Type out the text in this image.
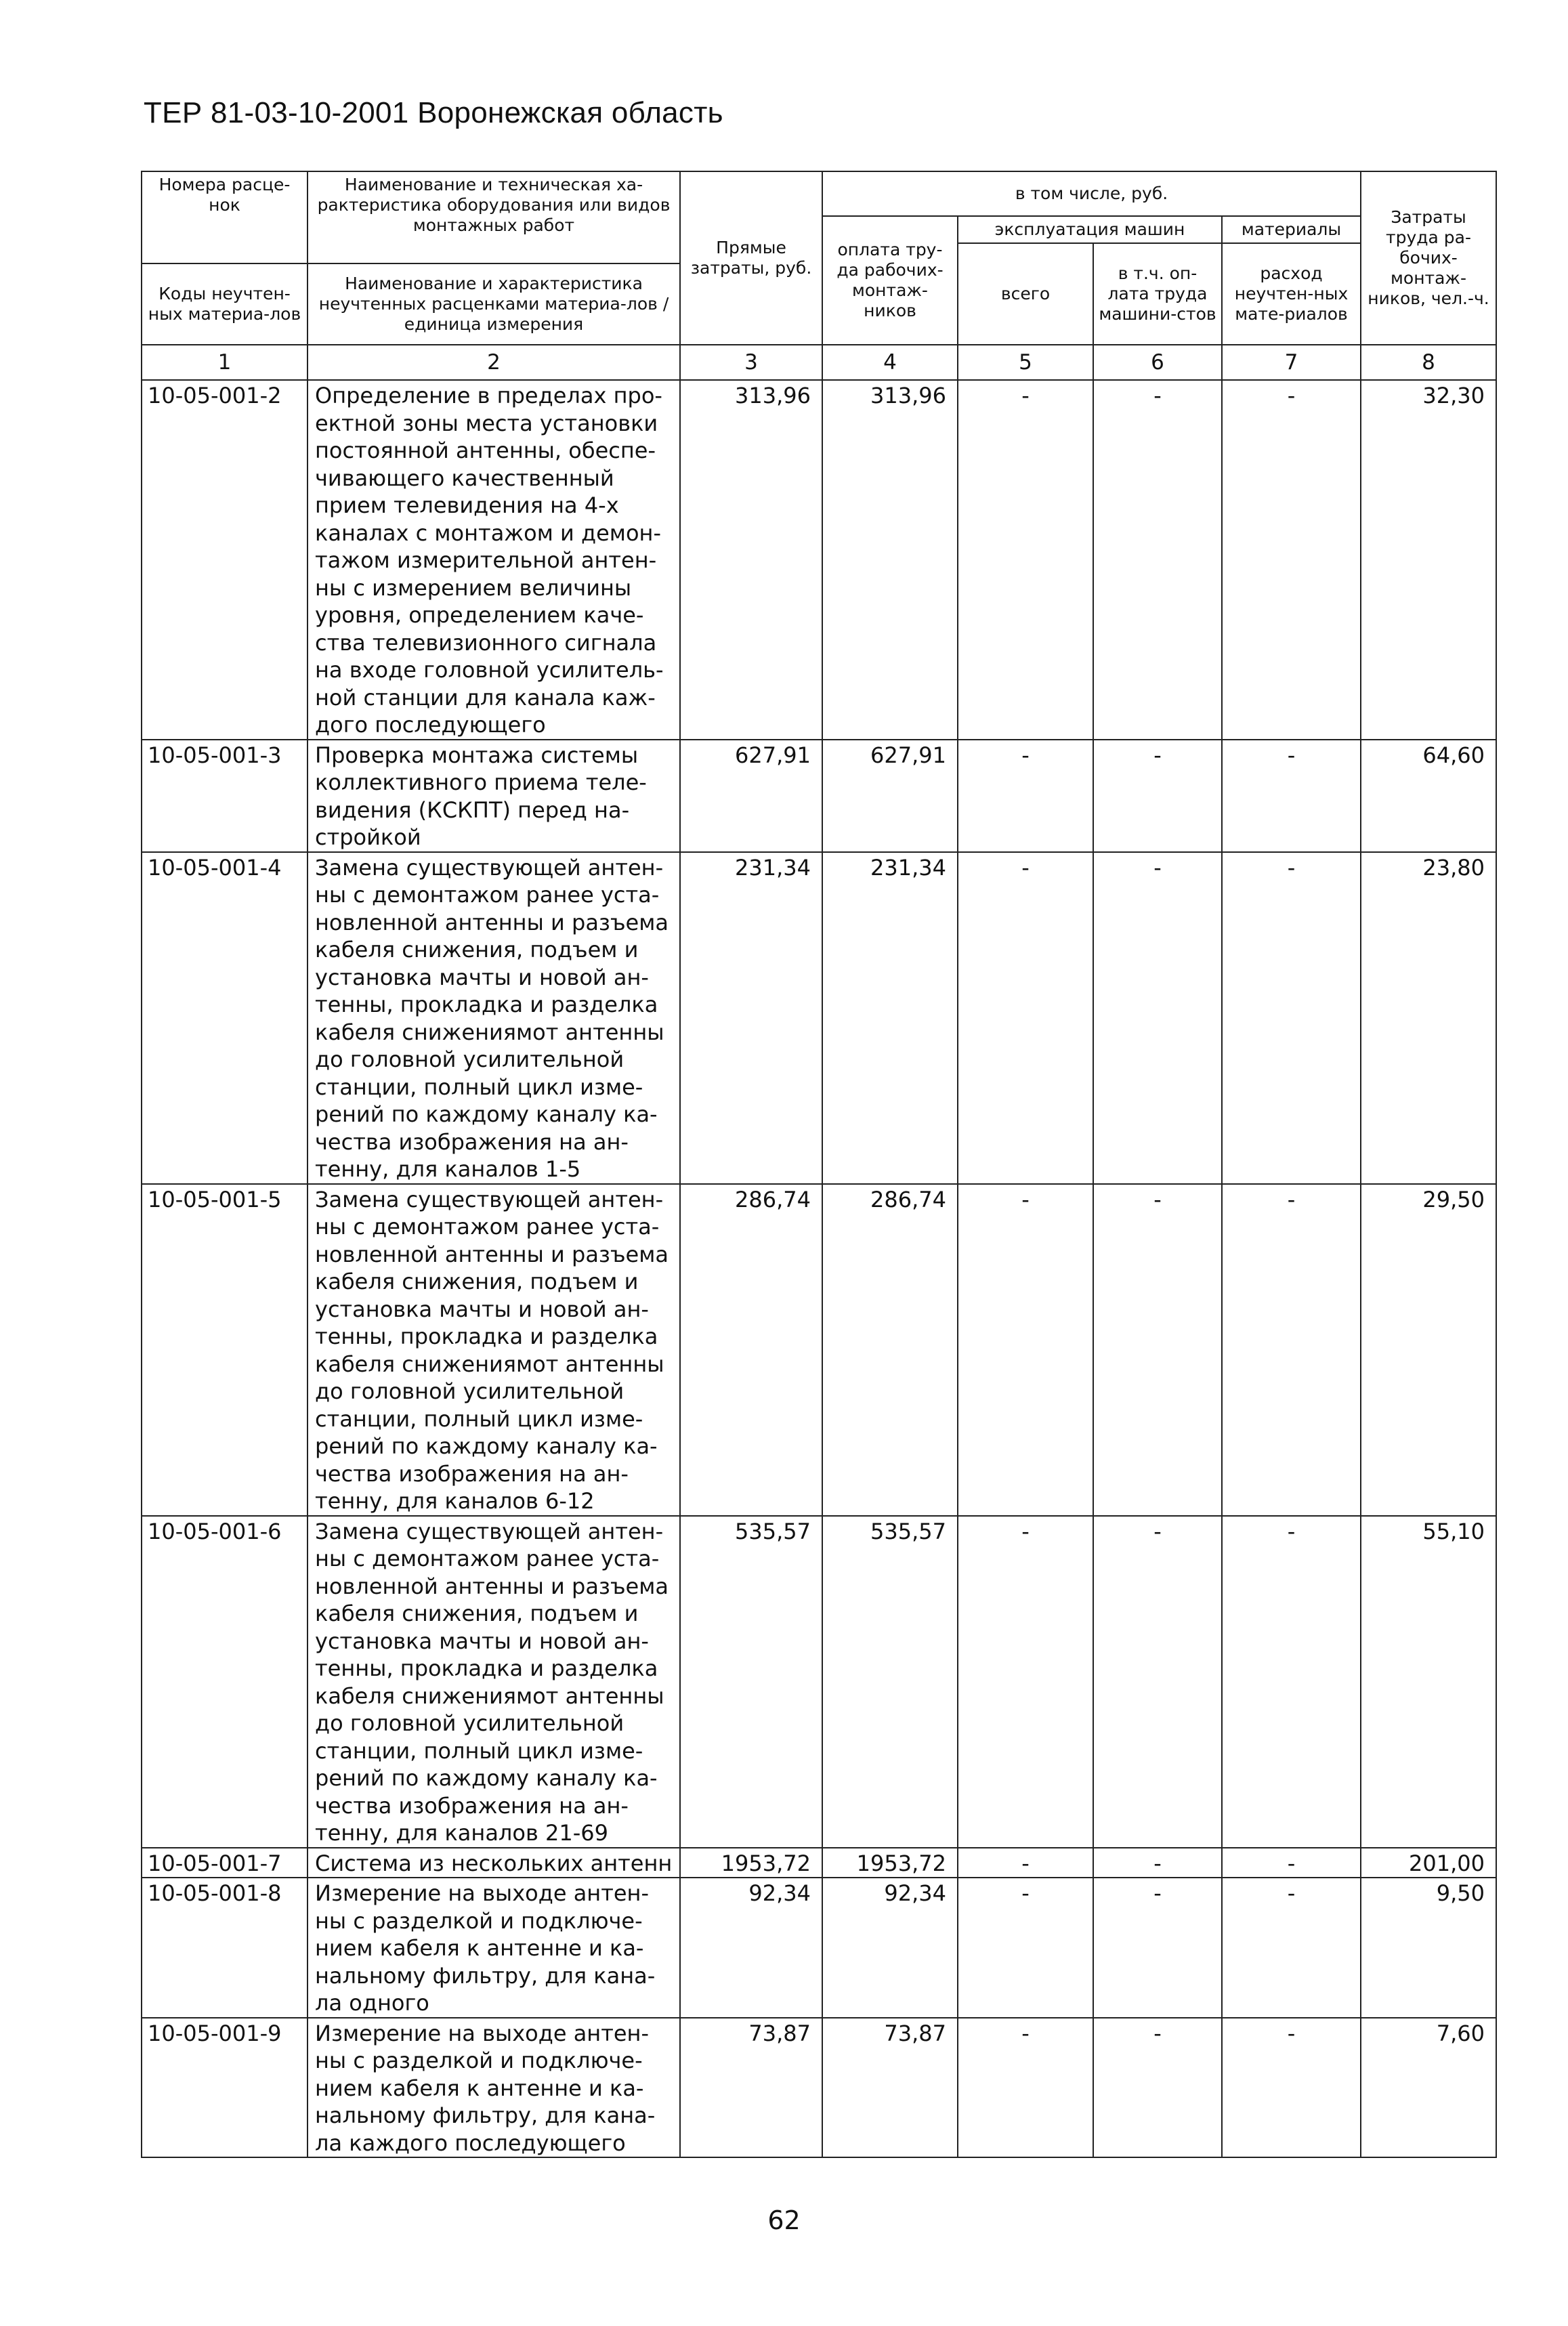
ТЕР 81-03-10-2001 Воронежская область
Номера расце-нок	Наименование и техническая ха-рактеристика оборудования или видов монтажных работ	Прямые затраты, руб.	в том числе, руб.				Затраты труда ра-бочих-монтаж-ников, чел.-ч.
			оплата тру-да рабочих-монтаж-ников	эксплуатация машин		материалы	
				всего	в т.ч. оп-лата труда машини-стов	расход неучтен-ных мате-риалов	
Коды неучтен-ных материа-лов	Наименование и характеристика неучтенных расценками материа-лов / единица измерения						

1	2	3	4	5	6	7	8
10-05-001-2	Определение в пределах про-ектной зоны места установки постоянной антенны, обеспе-чивающего качественный прием телевидения на 4-х каналах с монтажом и демон-тажом измерительной антен-ны с измерением величины уровня, определением каче-ства телевизионного сигнала на входе головной усилитель-ной станции для канала каж-дого последующего	313,96	313,96	-	-	-	32,30
10-05-001-3	Проверка монтажа системы коллективного приема теле-видения (КСКПТ) перед на-стройкой	627,91	627,91	-	-	-	64,60
10-05-001-4	Замена существующей антен-ны с демонтажом ранее уста-новленной антенны и разъема кабеля снижения, подъем и установка мачты и новой ан-тенны, прокладка и разделка кабеля снижениямот антенны до головной усилительной станции, полный цикл изме-рений по каждому каналу ка-чества изображения на ан-тенну, для каналов 1-5	231,34	231,34	-	-	-	23,80
10-05-001-5	Замена существующей антен-ны с демонтажом ранее уста-новленной антенны и разъема кабеля снижения, подъем и установка мачты и новой ан-тенны, прокладка и разделка кабеля снижениямот антенны до головной усилительной станции, полный цикл изме-рений по каждому каналу ка-чества изображения на ан-тенну, для каналов 6-12	286,74	286,74	-	-	-	29,50
10-05-001-6	Замена существующей антен-ны с демонтажом ранее уста-новленной антенны и разъема кабеля снижения, подъем и установка мачты и новой ан-тенны, прокладка и разделка кабеля снижениямот антенны до головной усилительной станции, полный цикл изме-рений по каждому каналу ка-чества изображения на ан-тенну, для каналов 21-69	535,57	535,57	-	-	-	55,10
10-05-001-7	Система из нескольких антенн	1953,72	1953,72	-	-	-	201,00
10-05-001-8	Измерение на выходе антен-ны с разделкой и подключе-нием кабеля к антенне и ка-нальному фильтру, для кана-ла одного	92,34	92,34	-	-	-	9,50
10-05-001-9	Измерение на выходе антен-ны с разделкой и подключе-нием кабеля к антенне и ка-нальному фильтру, для кана-ла каждого последующего	73,87	73,87	-	-	-	7,60
62
